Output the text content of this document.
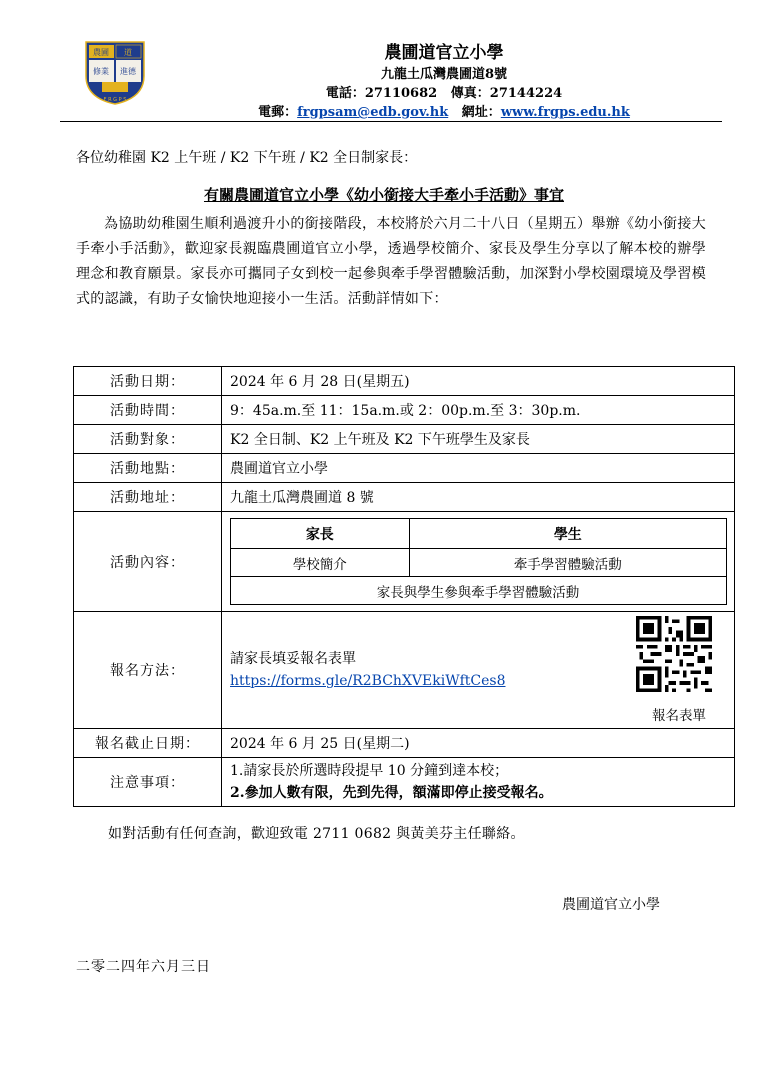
農圃 道
修業 進德
F R G P S
農圃道官立小學
九龍土瓜灣農圃道8號
電話：27110682 傳真：27144224
電郵：frgpsam@edb.gov.hk 網址：www.frgps.edu.hk
各位幼稚園 K2 上午班 / K2 下午班 / K2 全日制家長：
有關農圃道官立小學《幼小銜接大手牽小手活動》事宜
為協助幼稚園生順利過渡升小的銜接階段，本校將於六月二十八日（星期五）舉辦《幼小銜接大手牽小手活動》，歡迎家長親臨農圃道官立小學，透過學校簡介、家長及學生分享以了解本校的辦學理念和教育願景。家長亦可攜同子女到校一起參與牽手學習體驗活動，加深對小學校園環境及學習模式的認識，有助子女愉快地迎接小一生活。活動詳情如下：
活動日期：	2024 年 6 月 28 日(星期五)
活動時間：	9：45a.m.至 11：15a.m.或 2：00p.m.至 3：30p.m.
活動對象：	K2 全日制、K2 上午班及 K2 下午班學生及家長
活動地點：	農圃道官立小學
活動地址：	九龍土瓜灣農圃道 8 號
活動內容：	
家長	學生
學校簡介	牽手學習體驗活動
家長與學生參與牽手學習體驗活動

報名方法：	
請家長填妥報名表單
https://forms.gle/R2BChXVEkiWftCes8
報名表單

報名截止日期：	2024 年 6 月 25 日(星期二)
注意事項：	
1.請家長於所選時段提早 10 分鐘到達本校；
2.參加人數有限，先到先得，額滿即停止接受報名。
如對活動有任何查詢，歡迎致電 2711 0682 與黃美芬主任聯絡。
農圃道官立小學
二零二四年六月三日
